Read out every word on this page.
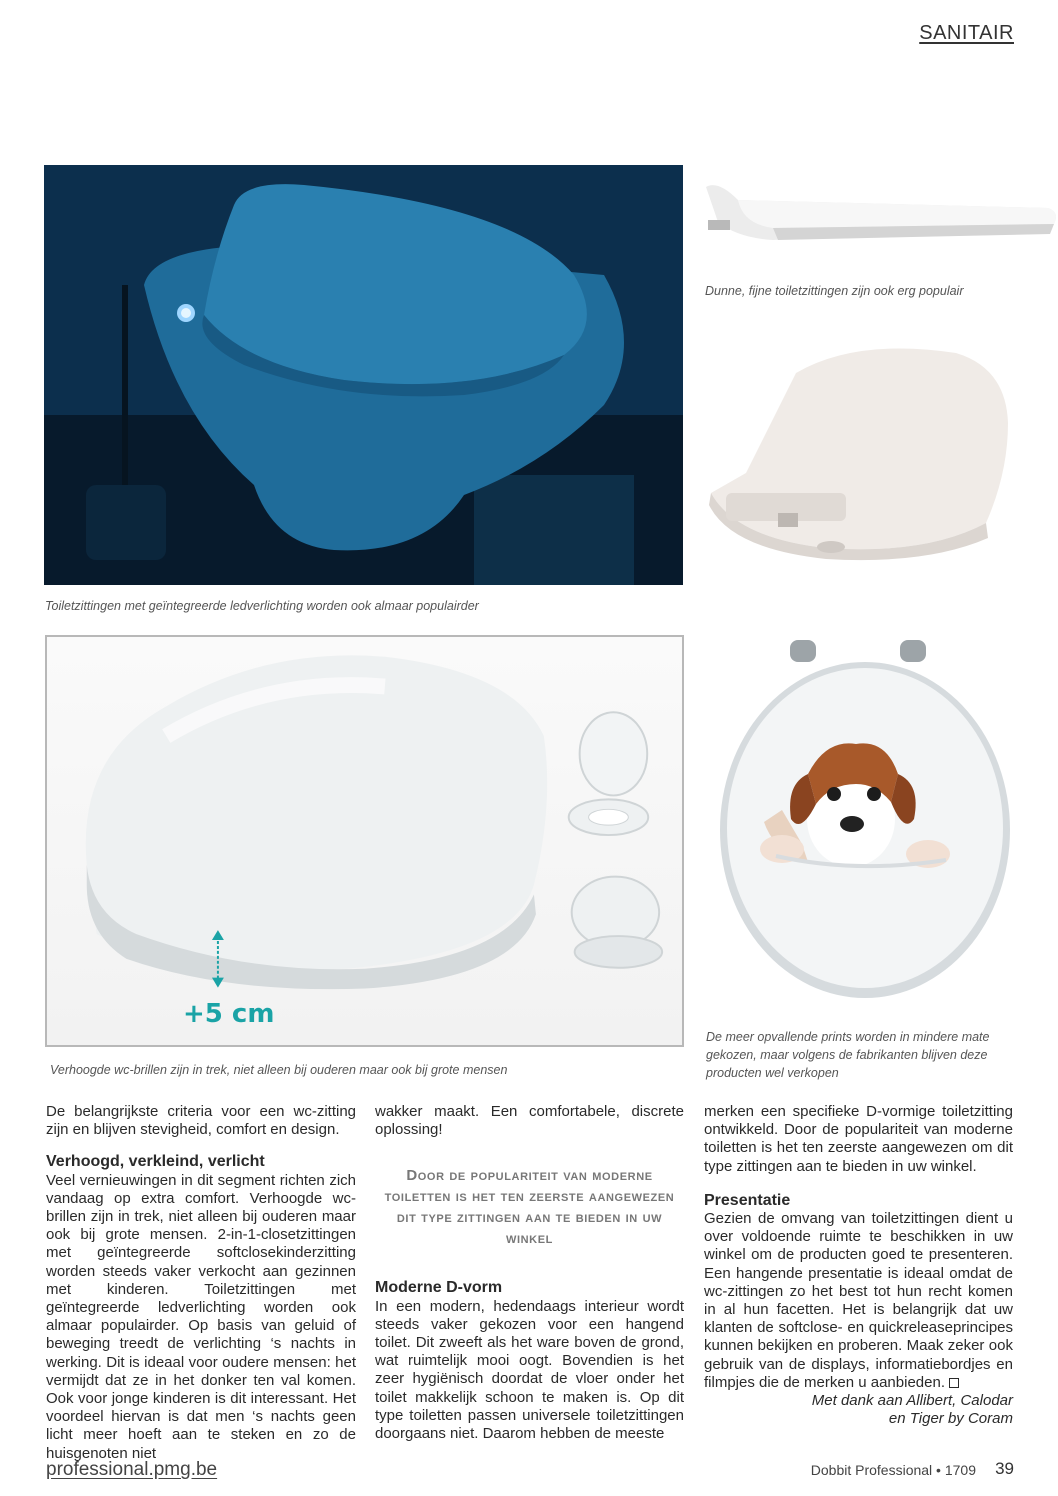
SANITAIR
Toiletzittingen met geïntegreerde ledverlichting worden ook almaar populairder
Dunne, fijne toiletzittingen zijn ook erg populair
+5 cm
Verhoogde wc-brillen zijn in trek, niet alleen bij ouderen maar ook bij grote mensen
De meer opvallende prints worden in mindere mate gekozen, maar volgens de fabrikanten blijven deze producten wel verkopen

De belangrijkste criteria voor een wc-zitting zijn en blijven stevigheid, comfort en design.

Verhoogd, verkleind, verlicht

Veel vernieuwingen in dit segment richten zich vandaag op extra comfort. Verhoogde wc-brillen zijn in trek, niet alleen bij ouderen maar ook bij grote mensen. 2-in-1-closetzittingen met geïntegreerde softclosekinderzitting worden steeds vaker verkocht aan gezinnen met kinderen. Toiletzittingen met geïntegreerde ledverlichting worden ook almaar populairder. Op basis van geluid of beweging treedt de verlichting ‘s nachts in werking. Dit is ideaal voor oudere mensen: het vermijdt dat ze in het donker ten val komen. Ook voor jonge kinderen is dit interessant. Het voordeel hiervan is dat men ‘s nachts geen licht meer hoeft aan te steken en zo de huisgenoten niet

wakker maakt. Een comfortabele, discrete oplossing!

Door de populariteit van moderne toiletten is het ten zeerste aangewezen dit type zittingen aan te bieden in uw winkel
Moderne D-vorm

In een modern, hedendaags interieur wordt steeds vaker gekozen voor een hangend toilet. Dit zweeft als het ware boven de grond, wat ruimtelijk mooi oogt. Bovendien is het zeer hygiënisch doordat de vloer onder het toilet makkelijk schoon te maken is. Op dit type toiletten passen universele toiletzittingen doorgaans niet. Daarom hebben de meeste

merken een specifieke D-vormige toiletzitting ontwikkeld. Door de populariteit van moderne toiletten is het ten zeerste aangewezen om dit type zittingen aan te bieden in uw winkel.

Presentatie

Gezien de omvang van toiletzittingen dient u over voldoende ruimte te beschikken in uw winkel om de producten goed te presenteren. Een hangende presentatie is ideaal omdat de wc-zittingen zo het best tot hun recht komen in al hun facetten. Het is belangrijk dat uw klanten de softclose- en quickreleaseprincipes kunnen bekijken en proberen. Maak zeker ook gebruik van de displays, informatiebordjes en filmpjes die de merken u aanbieden.

Met dank aan Allibert, Calodar

en Tiger by Coram

professional.pmg.be	Dobbit Professional • 1709 39
